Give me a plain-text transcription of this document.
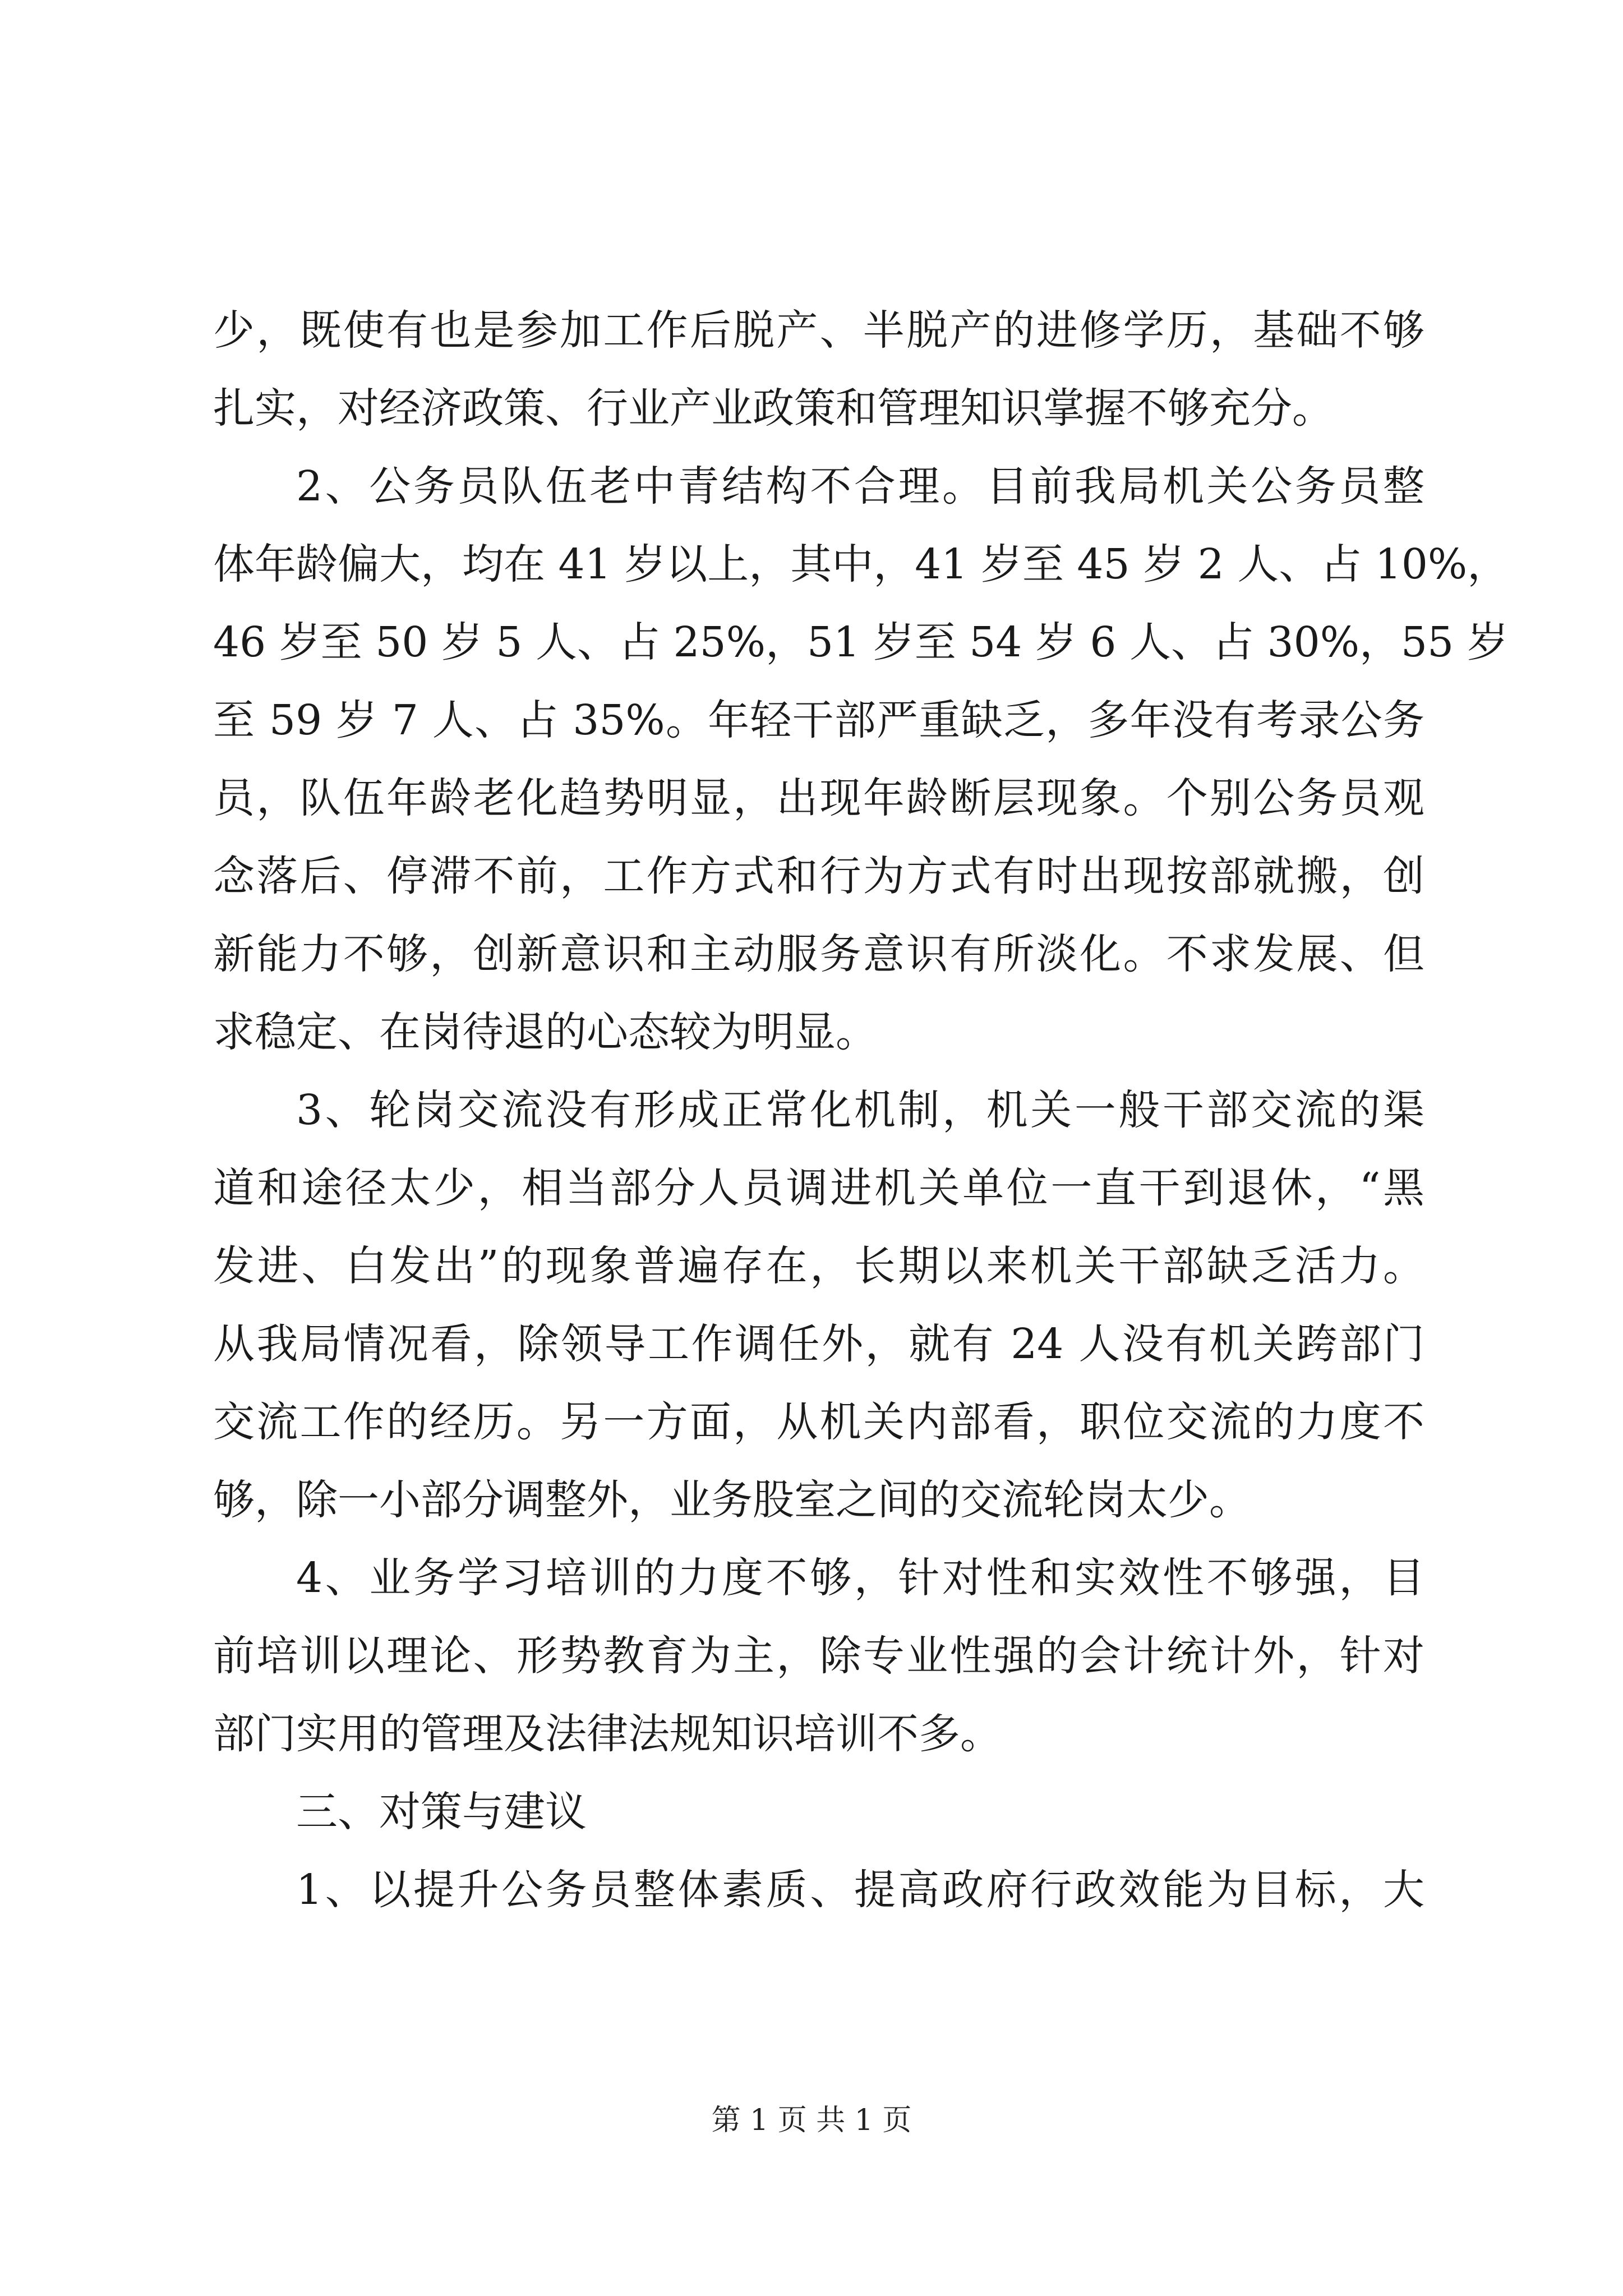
少，既使有也是参加工作后脱产、半脱产的进修学历，基础不够
扎实，对经济政策、行业产业政策和管理知识掌握不够充分。
2、公务员队伍老中青结构不合理。目前我局机关公务员整
体年龄偏大，均在 41 岁以上，其中，41 岁至 45 岁 2 人、占 10%，
46 岁至 50 岁 5 人、占 25%，51 岁至 54 岁 6 人、占 30%，55 岁
至 59 岁 7 人、占 35%。年轻干部严重缺乏，多年没有考录公务
员，队伍年龄老化趋势明显，出现年龄断层现象。个别公务员观
念落后、停滞不前，工作方式和行为方式有时出现按部就搬，创
新能力不够，创新意识和主动服务意识有所淡化。不求发展、但
求稳定、在岗待退的心态较为明显。
3、轮岗交流没有形成正常化机制，机关一般干部交流的渠
道和途径太少，相当部分人员调进机关单位一直干到退休，“黑
发进、白发出”的现象普遍存在，长期以来机关干部缺乏活力。
从我局情况看，除领导工作调任外，就有 24 人没有机关跨部门
交流工作的经历。另一方面，从机关内部看，职位交流的力度不
够，除一小部分调整外，业务股室之间的交流轮岗太少。
4、业务学习培训的力度不够，针对性和实效性不够强，目
前培训以理论、形势教育为主，除专业性强的会计统计外，针对
部门实用的管理及法律法规知识培训不多。
三、对策与建议
1、以提升公务员整体素质、提高政府行政效能为目标，大
第 1 页 共 1 页
